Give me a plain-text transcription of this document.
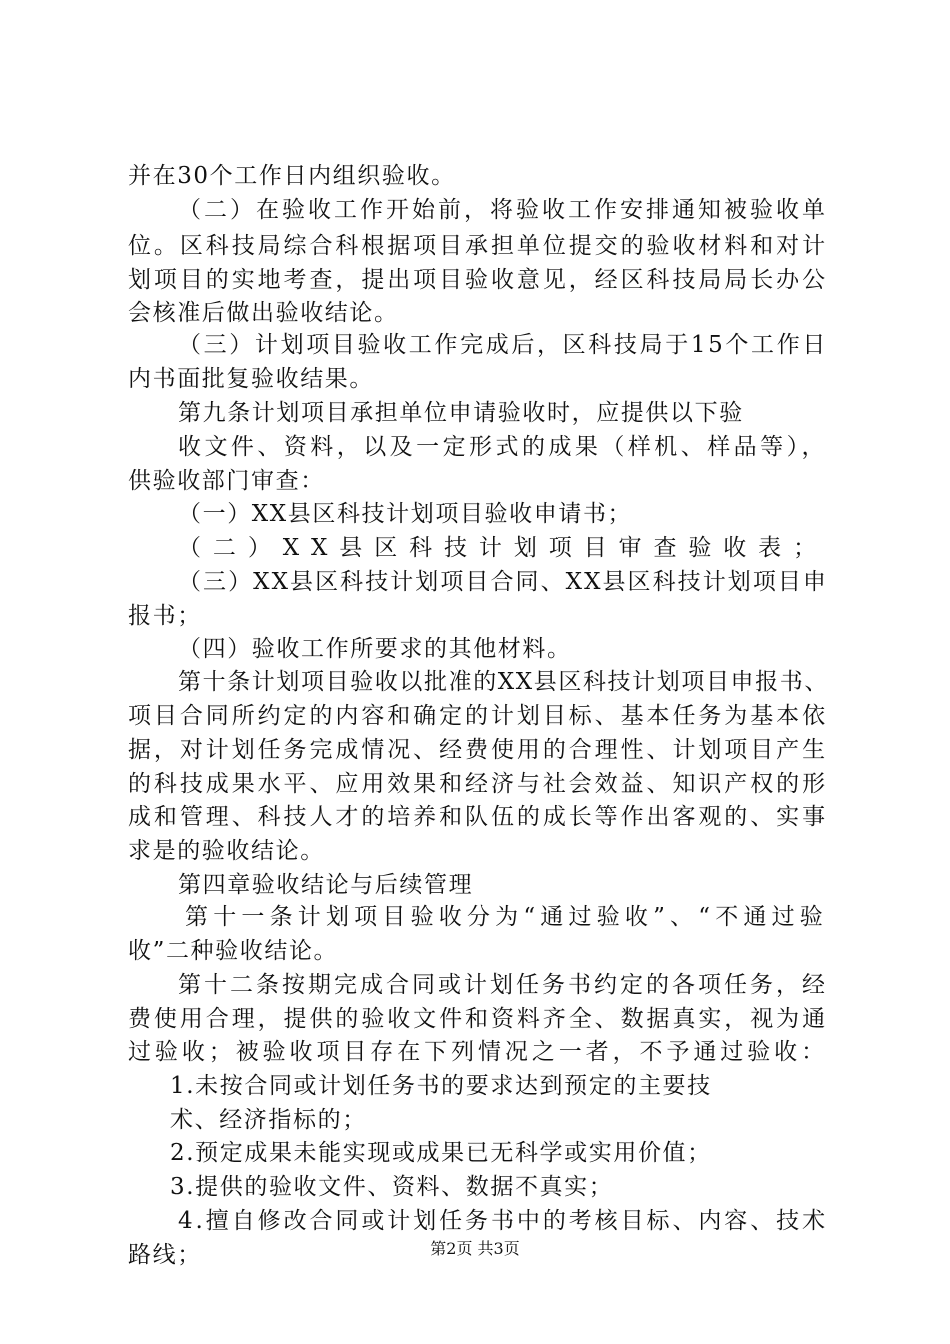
并在30个工作日内组织验收。
（二）在验收工作开始前，将验收工作安排通知被验收单
位。区科技局综合科根据项目承担单位提交的验收材料和对计
划项目的实地考查，提出项目验收意见，经区科技局局长办公
会核准后做出验收结论。
（三）计划项目验收工作完成后，区科技局于15个工作日
内书面批复验收结果。
第九条计划项目承担单位申请验收时，应提供以下验
收文件、资料，以及一定形式的成果（样机、样品等），
供验收部门审查：
（一）XX县区科技计划项目验收申请书；
（二）XX县区科技计划项目审查验收表；
（三）XX县区科技计划项目合同、XX县区科技计划项目申
报书；
（四）验收工作所要求的其他材料。
第十条计划项目验收以批准的XX县区科技计划项目申报书、
项目合同所约定的内容和确定的计划目标、基本任务为基本依
据，对计划任务完成情况、经费使用的合理性、计划项目产生
的科技成果水平、应用效果和经济与社会效益、知识产权的形
成和管理、科技人才的培养和队伍的成长等作出客观的、实事
求是的验收结论。
第四章验收结论与后续管理
第十一条计划项目验收分为“通过验收”、“不通过验
收”二种验收结论。
第十二条按期完成合同或计划任务书约定的各项任务，经
费使用合理，提供的验收文件和资料齐全、数据真实，视为通
过验收；被验收项目存在下列情况之一者，不予通过验收：
1.未按合同或计划任务书的要求达到预定的主要技
术、经济指标的；
2.预定成果未能实现或成果已无科学或实用价值；
3.提供的验收文件、资料、数据不真实；
4.擅自修改合同或计划任务书中的考核目标、内容、技术
路线；	第2页 共3页
